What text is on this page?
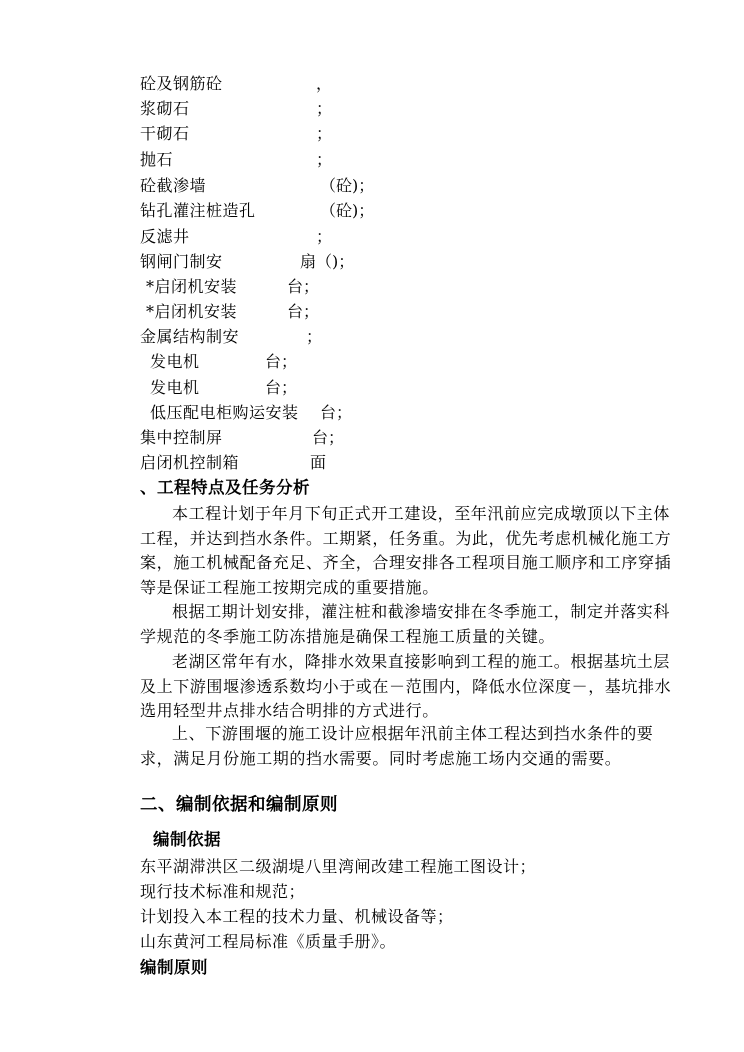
砼及钢筋砼	，
浆砌石	；
干砌石	；
抛石	；
砼截渗墙	（砼)；
钻孔灌注桩造孔	（砼)；
反滤井	；
钢闸门制安	扇（)；
*启闭机安装	台；
*启闭机安装	台；
金属结构制安	；
发电机	台；
发电机	台；
低压配电柜购运安装 台；
集中控制屏	台；
启闭机控制箱	面
、工程特点及任务分析
本工程计划于年月下旬正式开工建设，至年汛前应完成墩顶以下主体工程，并达到挡水条件。工期紧，任务重。为此，优先考虑机械化施工方案，施工机械配备充足、齐全，合理安排各工程项目施工顺序和工序穿插等是保证工程施工按期完成的重要措施。
根据工期计划安排，灌注桩和截渗墙安排在冬季施工，制定并落实科学规范的冬季施工防冻措施是确保工程施工质量的关键。
老湖区常年有水，降排水效果直接影响到工程的施工。根据基坑土层及上下游围堰渗透系数均小于或在－范围内，降低水位深度－，基坑排水选用轻型井点排水结合明排的方式进行。
上、下游围堰的施工设计应根据年汛前主体工程达到挡水条件的要求，满足月份施工期的挡水需要。同时考虑施工场内交通的需要。
二、编制依据和编制原则
编制依据
东平湖滞洪区二级湖堤八里湾闸改建工程施工图设计；
现行技术标准和规范；
计划投入本工程的技术力量、机械设备等；
山东黄河工程局标准《质量手册》。
编制原则
